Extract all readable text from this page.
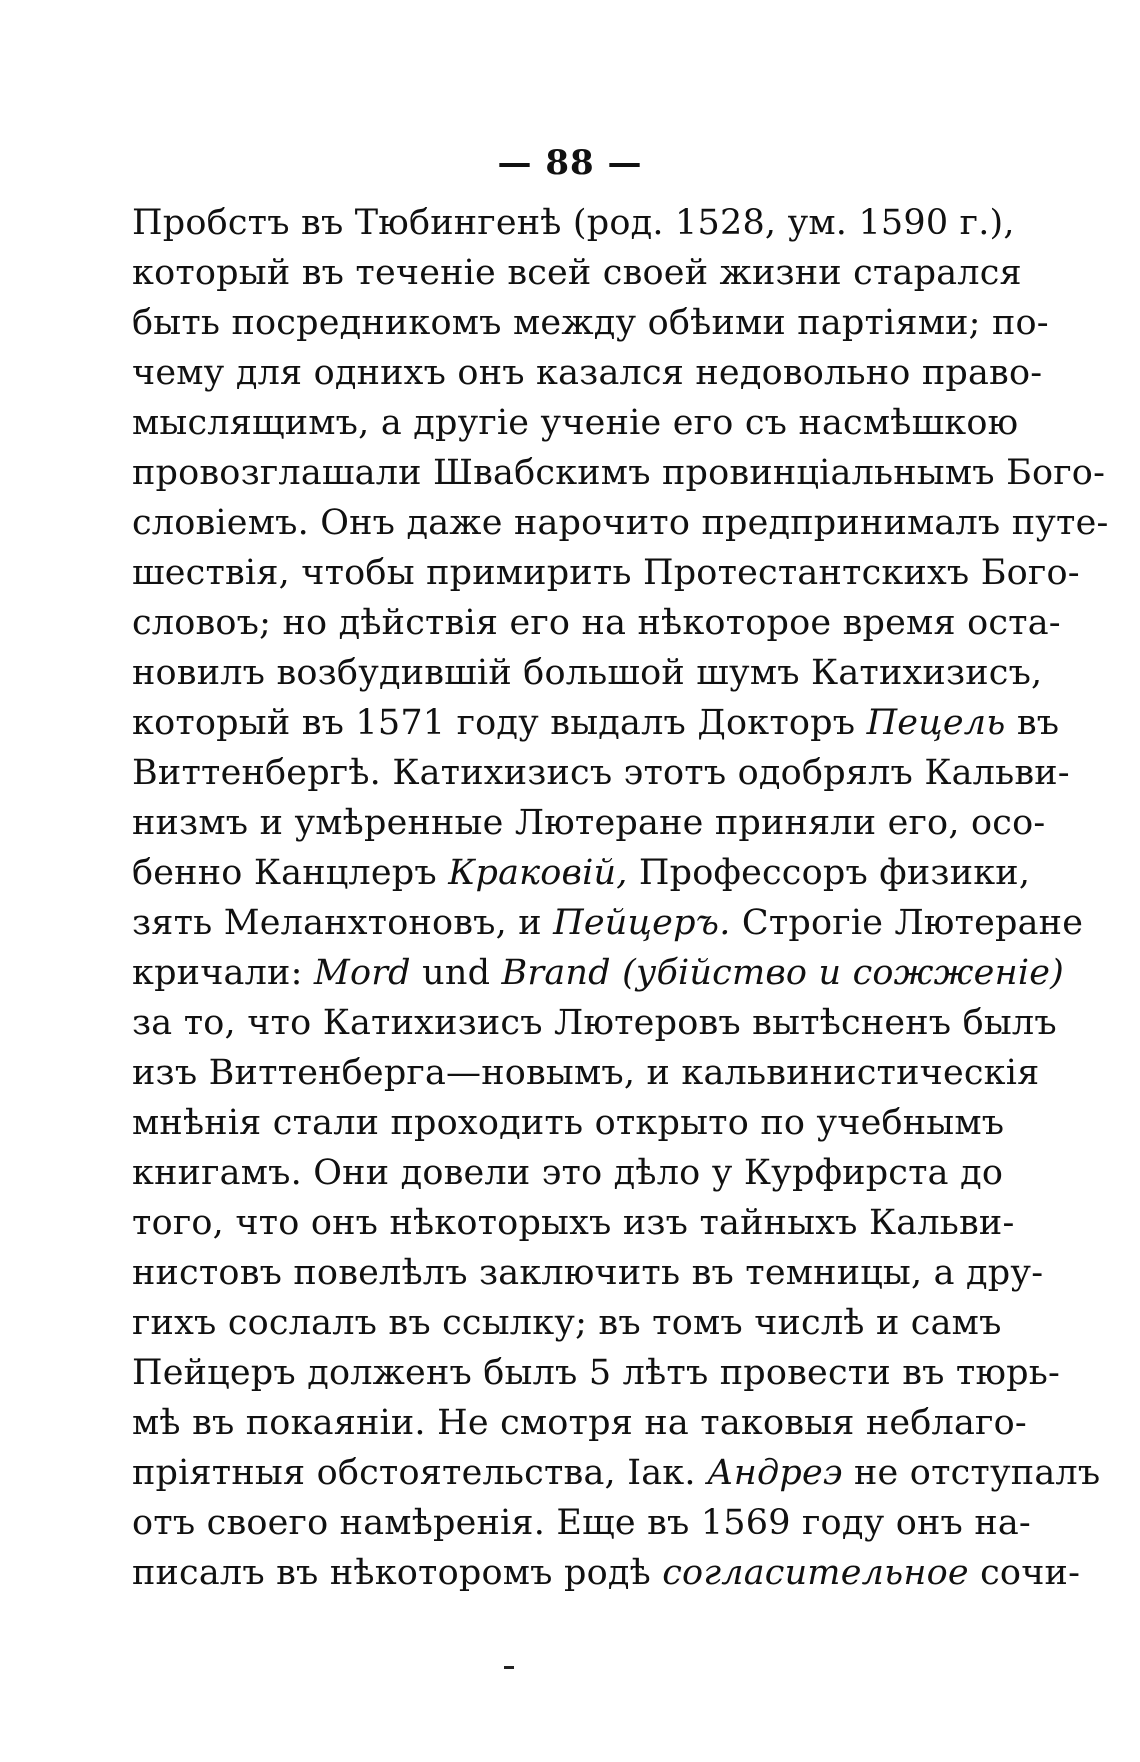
— 88 —
Пробстъ въ Тюбингенѣ (род. 1528, ум. 1590 г.),
который въ теченіе всей своей жизни старался
быть посредникомъ между обѣими партіями; по-
чему для однихъ онъ казался недовольно право-
мыслящимъ, а другіе ученіе его съ насмѣшкою
провозглашали Швабскимъ провинціальнымъ Бого-
словіемъ. Онъ даже нарочито предпринималъ путе-
шествія, чтобы примирить Протестантскихъ Бого-
словоъ; но дѣйствія его на нѣкоторое время оста-
новилъ возбудившій большой шумъ Катихизисъ,
который въ 1571 году выдалъ Докторъ Пецель въ
Виттенбергѣ. Катихизисъ этотъ одобрялъ Кальви-
низмъ и умѣренные Лютеране приняли его, осо-
бенно Канцлеръ Краковій, Профессоръ физики,
зять Меланхтоновъ, и Пейцеръ. Строгіе Лютеране
кричали: Mord und Brand (убійство и сожженіе)
за то, что Катихизисъ Лютеровъ вытѣсненъ былъ
изъ Виттенберга—новымъ, и кальвинистическія
мнѣнія стали проходить открыто по учебнымъ
книгамъ. Они довели это дѣло у Курфирста до
того, что онъ нѣкоторыхъ изъ тайныхъ Кальви-
нистовъ повелѣлъ заключить въ темницы, а дру-
гихъ сослалъ въ ссылку; въ томъ числѣ и самъ
Пейцеръ долженъ былъ 5 лѣтъ провести въ тюрь-
мѣ въ покаяніи. Не смотря на таковыя неблаго-
пріятныя обстоятельства, Іак. Андреэ не отступалъ
отъ своего намѣренія. Еще въ 1569 году онъ на-
писалъ въ нѣкоторомъ родѣ согласительное сочи-
